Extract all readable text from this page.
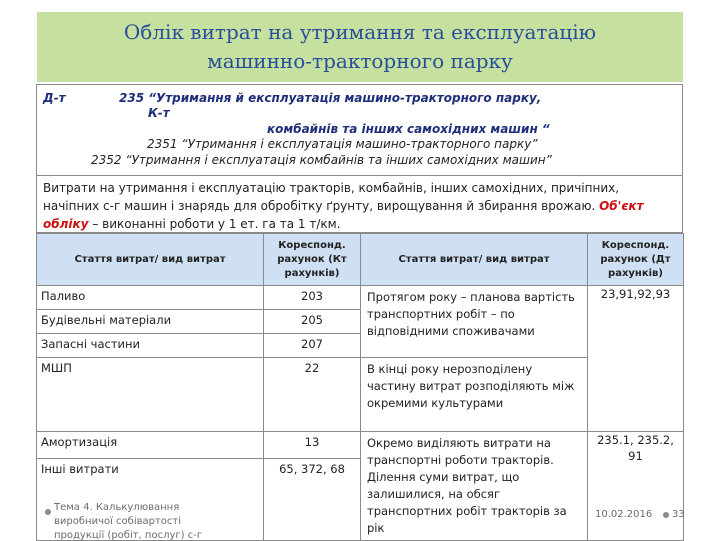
Облік витрат на утримання та експлуатацію
машинно-тракторного парку
Д-т	235 “Утримання й експлуатація машино-тракторного парку,
К-т
комбайнів та інших самохідних машин “
2351 “Утримання і експлуатація машино-тракторного парку”
2352 “Утримання і експлуатація комбайнів та інших самохідних машин”
Витрати на утримання і експлуатацію тракторів, комбайнів, інших самохідних, причіпних, начіпних с-г машин і знарядь для обробітку ґрунту, вирощування й збирання врожаю. Об'єкт обліку – виконанні роботи у 1 ет. га та 1 т/км.
Стаття витрат/ вид витрат	Кореспонд. рахунок (Кт рахунків)	Стаття витрат/ вид витрат	Кореспонд. рахунок (Дт рахунків)
Паливо	203	Протягом року – планова вартість транспортних робіт – по відповідними споживачами	23,91,92,93
Будівельні матеріали	205		
Запасні частини	207		
МШП	22	В кінці року нерозподілену частину витрат розподіляють між окремими культурами	
Амортизація	13	Окремо виділяють витрати на транспортні роботи тракторів. Ділення суми витрат, що залишилися, на обсяг транспортних робіт тракторів за рік	235.1, 235.2, 91
Інші витрати	65, 372, 68		
Тема 4. Калькулювання виробничої собівартості продукції (робіт, послуг) с-г
10.02.2016 33
